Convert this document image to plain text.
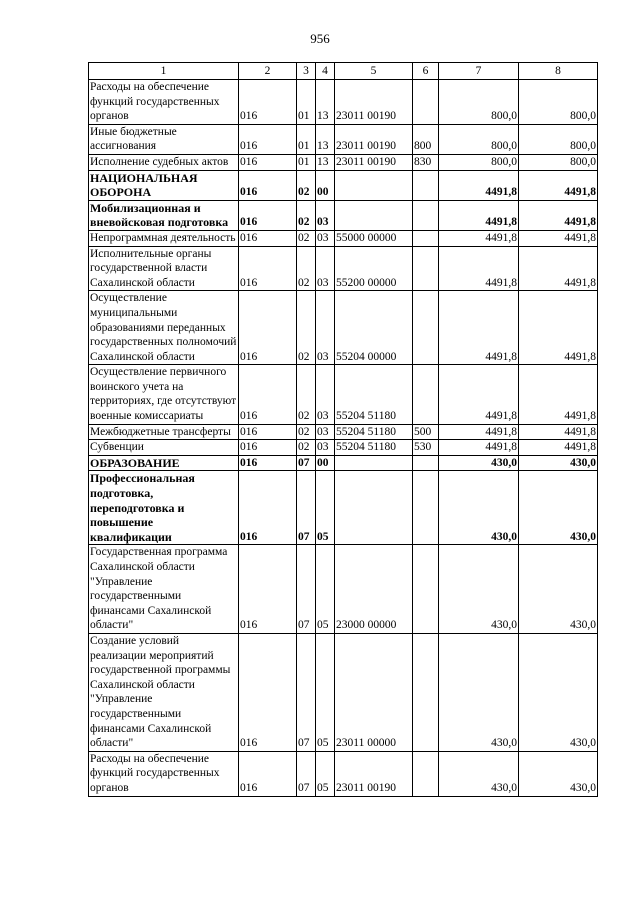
956
1	2	3	4	5	6	7	8
Расходы на обеспечение функций государственных органов	016	01	13	23011 00190		800,0	800,0
Иные бюджетные ассигнования	016	01	13	23011 00190	800	800,0	800,0
Исполнение судебных актов	016	01	13	23011 00190	830	800,0	800,0
НАЦИОНАЛЬНАЯ ОБОРОНА	016	02	00			4491,8	4491,8
Мобилизационная и вневойсковая подготовка	016	02	03			4491,8	4491,8
Непрограммная деятельность	016	02	03	55000 00000		4491,8	4491,8
Исполнительные органы государственной власти Сахалинской области	016	02	03	55200 00000		4491,8	4491,8
Осуществление муниципальными образованиями переданных государственных полномочий Сахалинской области	016	02	03	55204 00000		4491,8	4491,8
Осуществление первичного воинского учета на территориях, где отсутствуют военные комиссариаты	016	02	03	55204 51180		4491,8	4491,8
Межбюджетные трансферты	016	02	03	55204 51180	500	4491,8	4491,8
Субвенции	016	02	03	55204 51180	530	4491,8	4491,8
ОБРАЗОВАНИЕ	016	07	00			430,0	430,0
Профессиональная подготовка, переподготовка и повышение квалификации	016	07	05			430,0	430,0
Государственная программа Сахалинской области "Управление государственными финансами Сахалинской области"	016	07	05	23000 00000		430,0	430,0
Создание условий реализации мероприятий государственной программы Сахалинской области "Управление государственными финансами Сахалинской области"	016	07	05	23011 00000		430,0	430,0
Расходы на обеспечение функций государственных органов	016	07	05	23011 00190		430,0	430,0
